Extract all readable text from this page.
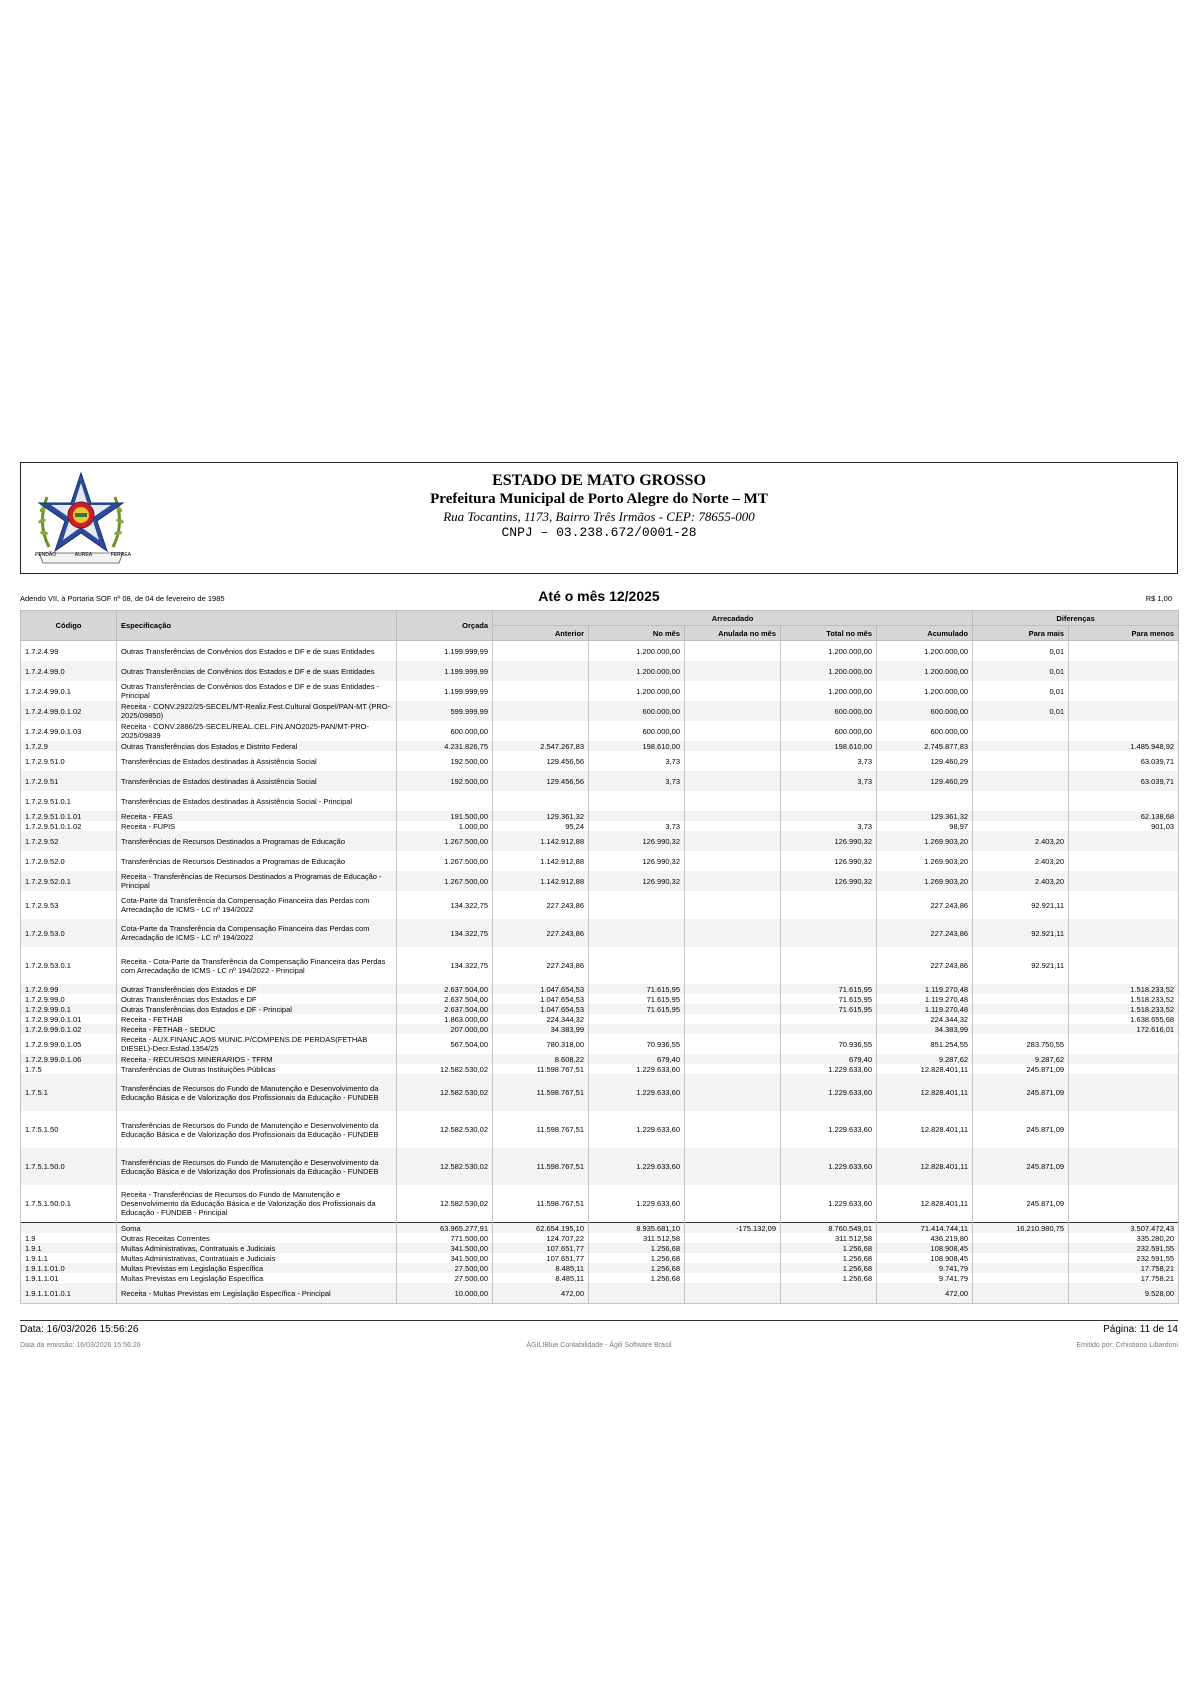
PENDÃO	AUREA	FERREA
ESTADO DE MATO GROSSO
Prefeitura Municipal de Porto Alegre do Norte – MT
Rua Tocantins, 1173, Bairro Três Irmãos - CEP: 78655-000
CNPJ – 03.238.672/0001-28
Adendo VII, à Portaria SOF nº 08, de 04 de fevereiro de 1985	Até o mês 12/2025	R$ 1,00
Código	Especificação	Orçada	Arrecadado					Diferenças	
			Anterior	No mês	Anulada no mês	Total no mês	Acumulado	Para mais	Para menos
1.7.2.4.99	Outras Transferências de Convênios dos Estados e DF e de suas Entidades	1.199.999,99		1.200.000,00		1.200.000,00	1.200.000,00	0,01	
1.7.2.4.99.0	Outras Transferências de Convênios dos Estados e DF e de suas Entidades	1.199.999,99		1.200.000,00		1.200.000,00	1.200.000,00	0,01	
1.7.2.4.99.0.1	Outras Transferências de Convênios dos Estados e DF e de suas Entidades - Principal	1.199.999,99		1.200.000,00		1.200.000,00	1.200.000,00	0,01	
1.7.2.4.99.0.1.02	Receita - CONV.2922/25-SECEL/MT-Realiz.Fest.Cultural Gospel/PAN-MT (PRO-2025/09850)	599.999,99		600.000,00		600.000,00	600.000,00	0,01	
1.7.2.4.99.0.1.03	Receita - CONV.2886/25-SECEL/REAL.CEL.FIN.ANO2025-PAN/MT-PRO-2025/09839	600.000,00		600.000,00		600.000,00	600.000,00		
1.7.2.9	Outras Transferências dos Estados e Distrito Federal	4.231.826,75	2.547.267,83	198.610,00		198.610,00	2.745.877,83		1.485.948,92
1.7.2.9.51.0	Transferências de Estados destinadas à Assistência Social	192.500,00	129.456,56	3,73		3,73	129.460,29		63.039,71
1.7.2.9.51	Transferências de Estados destinadas à Assistência Social	192.500,00	129.456,56	3,73		3,73	129.460,29		63.039,71
1.7.2.9.51.0.1	Transferências de Estados destinadas à Assistência Social - Principal								
1.7.2.9.51.0.1.01	Receita - FEAS	191.500,00	129.361,32				129.361,32		62.138,68
1.7.2.9.51.0.1.02	Receita - FUPIS	1.000,00	95,24	3,73		3,73	98,97		901,03
1.7.2.9.52	Transferências de Recursos Destinados a Programas de Educação	1.267.500,00	1.142.912,88	126.990,32		126.990,32	1.269.903,20	2.403,20	
1.7.2.9.52.0	Transferências de Recursos Destinados a Programas de Educação	1.267.500,00	1.142.912,88	126.990,32		126.990,32	1.269.903,20	2.403,20	
1.7.2.9.52.0.1	Receita - Transferências de Recursos Destinados a Programas de Educação - Principal	1.267.500,00	1.142.912,88	126.990,32		126.990,32	1.269.903,20	2.403,20	
1.7.2.9.53	Cota-Parte da Transferência da Compensação Financeira das Perdas com Arrecadação de ICMS - LC nº 194/2022	134.322,75	227.243,86				227.243,86	92.921,11	
1.7.2.9.53.0	Cota-Parte da Transferência da Compensação Financeira das Perdas com Arrecadação de ICMS - LC nº 194/2022	134.322,75	227.243,86				227.243,86	92.921,11	
1.7.2.9.53.0.1	Receita - Cota-Parte da Transferência da Compensação Financeira das Perdas com Arrecadação de ICMS - LC nº 194/2022 - Principal	134.322,75	227.243,86				227.243,86	92.921,11	
1.7.2.9.99	Outras Transferências dos Estados e DF	2.637.504,00	1.047.654,53	71.615,95		71.615,95	1.119.270,48		1.518.233,52
1.7.2.9.99.0	Outras Transferências dos Estados e DF	2.637.504,00	1.047.654,53	71.615,95		71.615,95	1.119.270,48		1.518.233,52
1.7.2.9.99.0.1	Outras Transferências dos Estados e DF - Principal	2.637.504,00	1.047.654,53	71.615,95		71.615,95	1.119.270,48		1.518.233,52
1.7.2.9.99.0.1.01	Receita - FETHAB	1.863.000,00	224.344,32				224.344,32		1.638.655,68
1.7.2.9.99.0.1.02	Receita - FETHAB - SEDUC	207.000,00	34.383,99				34.383,99		172.616,01
1.7.2.9.99.0.1.05	Receita - AUX.FINANC.AOS MUNIC.P/COMPENS.DE PERDAS(FETHAB DIESEL)-Decr.Estad.1354/25	567.504,00	780.318,00	70.936,55		70.936,55	851.254,55	283.750,55	
1.7.2.9.99.0.1.06	Receita - RECURSOS MINERARIOS - TFRM		8.608,22	679,40		679,40	9.287,62	9.287,62	
1.7.5	Transferências de Outras Instituições Públicas	12.582.530,02	11.598.767,51	1.229.633,60		1.229.633,60	12.828.401,11	245.871,09	
1.7.5.1	Transferências de Recursos do Fundo de Manutenção e Desenvolvimento da Educação Básica e de Valorização dos Profissionais da Educação - FUNDEB	12.582.530,02	11.598.767,51	1.229.633,60		1.229.633,60	12.828.401,11	245.871,09	
1.7.5.1.50	Transferências de Recursos do Fundo de Manutenção e Desenvolvimento da Educação Básica e de Valorização dos Profissionais da Educação - FUNDEB	12.582.530,02	11.598.767,51	1.229.633,60		1.229.633,60	12.828.401,11	245.871,09	
1.7.5.1.50.0	Transferências de Recursos do Fundo de Manutenção e Desenvolvimento da Educação Básica e de Valorização dos Profissionais da Educação - FUNDEB	12.582.530,02	11.598.767,51	1.229.633,60		1.229.633,60	12.828.401,11	245.871,09	
1.7.5.1.50.0.1	Receita - Transferências de Recursos do Fundo de Manutenção e Desenvolvimento da Educação Básica e de Valorização dos Profissionais da Educação - FUNDEB - Principal	12.582.530,02	11.598.767,51	1.229.633,60		1.229.633,60	12.828.401,11	245.871,09	
	Soma	63.965.277,91	62.654.195,10	8.935.681,10	-175.132,09	8.760.549,01	71.414.744,11	16.210.980,75	3.507.472,43
1.9	Outras Receitas Correntes	771.500,00	124.707,22	311.512,58		311.512,58	436.219,80		335.280,20
1.9.1	Multas Administrativas, Contratuais e Judiciais	341.500,00	107.651,77	1.256,68		1.256,68	108.908,45		232.591,55
1.9.1.1	Multas Administrativas, Contratuais e Judiciais	341.500,00	107.651,77	1.256,68		1.256,68	108.908,45		232.591,55
1.9.1.1.01.0	Multas Previstas em Legislação Específica	27.500,00	8.485,11	1.256,68		1.256,68	9.741,79		17.758,21
1.9.1.1.01	Multas Previstas em Legislação Específica	27.500,00	8.485,11	1.256,68		1.256,68	9.741,79		17.758,21
1.9.1.1.01.0.1	Receita - Multas Previstas em Legislação Específica - Principal	10.000,00	472,00				472,00		9.528,00
Data: 16/03/2026 15:56:26	Página: 11 de 14
Data da emissão: 16/03/2026 15:56:26	ÁGILIBlue Contabilidade - Ágili Software Brasil	Emitido por: Crhistiano Libardoni
